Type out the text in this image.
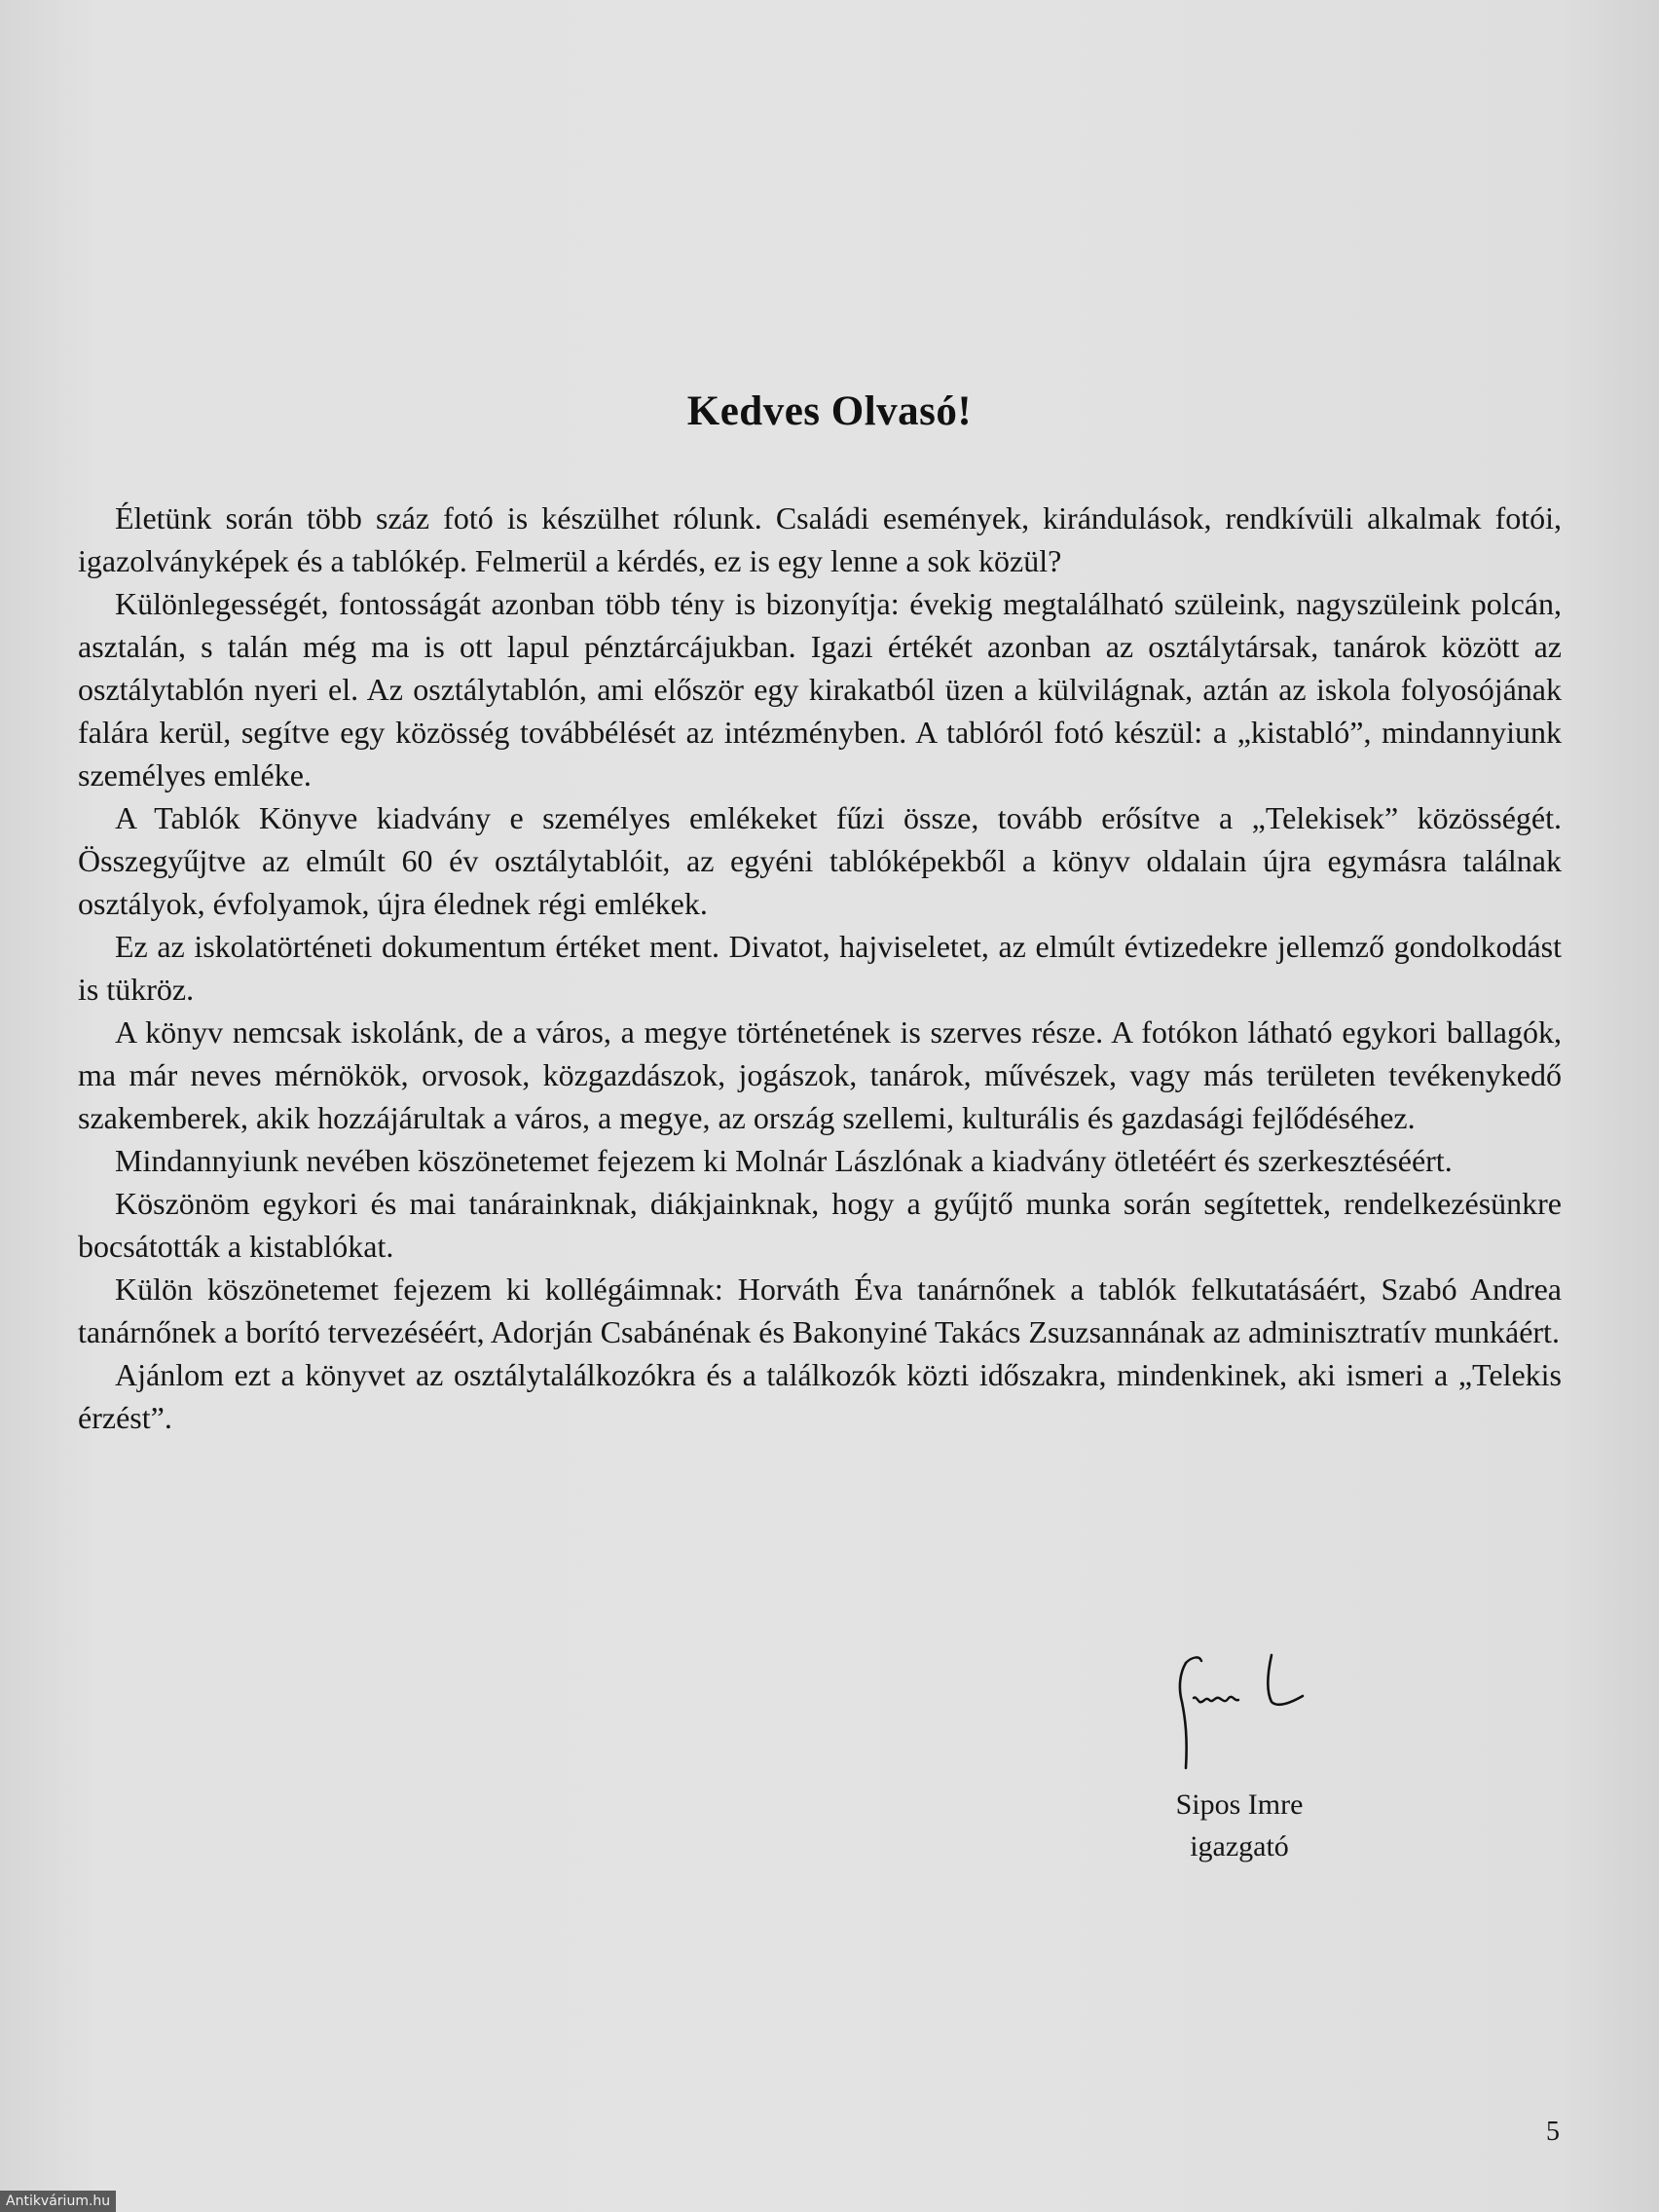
Kedves Olvasó!

Életünk során több száz fotó is készülhet rólunk. Családi események, kirándulások, rendkívüli alkalmak fotói, igazolványképek és a tablókép. Felmerül a kérdés, ez is egy lenne a sok közül?

Különlegességét, fontosságát azonban több tény is bizonyítja: évekig megtalálható szüleink, nagyszüleink polcán, asztalán, s talán még ma is ott lapul pénztárcájukban. Igazi értékét azonban az osztálytársak, tanárok között az osztálytablón nyeri el. Az osztálytablón, ami először egy kirakatból üzen a külvilágnak, aztán az iskola folyosójának falára kerül, segítve egy közösség továbbélését az intézményben. A tablóról fotó készül: a „kistabló”, mindannyiunk személyes emléke.

A Tablók Könyve kiadvány e személyes emlékeket fűzi össze, tovább erősítve a „Telekisek” közösségét. Összegyűjtve az elmúlt 60 év osztálytablóit, az egyéni tablóképekből a könyv oldalain újra egymásra találnak osztályok, évfolyamok, újra élednek régi emlékek.

Ez az iskolatörténeti dokumentum értéket ment. Divatot, hajviseletet, az elmúlt évtizedekre jellemző gondolkodást is tükröz.

A könyv nemcsak iskolánk, de a város, a megye történetének is szerves része. A fotókon látható egykori ballagók, ma már neves mérnökök, orvosok, közgazdászok, jogászok, tanárok, művészek, vagy más területen tevékenykedő szakemberek, akik hozzájárultak a város, a megye, az ország szellemi, kulturális és gazdasági fejlődéséhez.

Mindannyiunk nevében köszönetemet fejezem ki Molnár Lászlónak a kiadvány ötletéért és szerkesztéséért.

Köszönöm egykori és mai tanárainknak, diákjainknak, hogy a gyűjtő munka során segítettek, rendelkezésünkre bocsátották a kistablókat.

Külön köszönetemet fejezem ki kollégáimnak: Horváth Éva tanárnőnek a tablók felkutatásáért, Szabó Andrea tanárnőnek a borító tervezéséért, Adorján Csabánénak és Bakonyiné Takács Zsuzsannának az adminisztratív munkáért.

Ajánlom ezt a könyvet az osztálytalálkozókra és a találkozók közti időszakra, mindenkinek, aki ismeri a „Telekis érzést”.

Sipos Imre
igazgató
5
Antikvárium.hu
